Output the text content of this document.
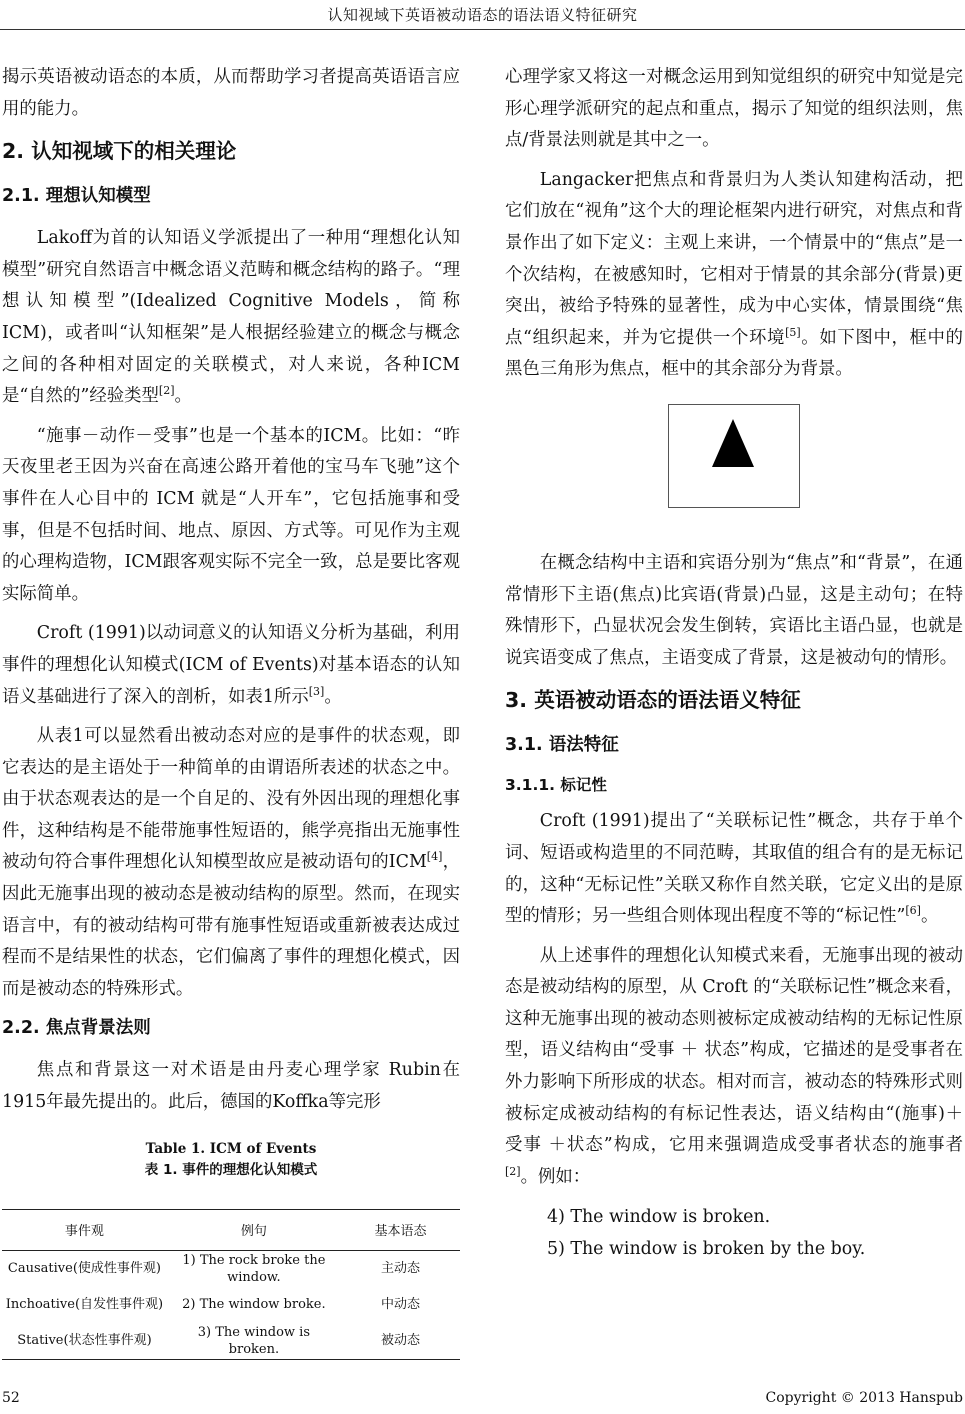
认知视域下英语被动语态的语法语义特征研究

揭示英语被动语态的本质，从而帮助学习者提高英语语言应用的能力。

2. 认知视域下的相关理论
2.1. 理想认知模型

Lakoff为首的认知语义学派提出了一种用“理想化认知模型”研究自然语言中概念语义范畴和概念结构的路子。“理想认知模型”(Idealized Cognitive Models，简称 ICM)，或者叫“认知框架”是人根据经验建立的概念与概念之间的各种相对固定的关联模式，对人来说，各种ICM是“自然的”经验类型[2]。

“施事－动作－受事”也是一个基本的ICM。比如：“昨天夜里老王因为兴奋在高速公路开着他的宝马车飞驰”这个事件在人心目中的 ICM 就是“人开车”，它包括施事和受事，但是不包括时间、地点、原因、方式等。可见作为主观的心理构造物，ICM跟客观实际不完全一致，总是要比客观实际简单。

Croft (1991)以动词意义的认知语义分析为基础，利用事件的理想化认知模式(ICM of Events)对基本语态的认知语义基础进行了深入的剖析，如表1所示[3]。

从表1可以显然看出被动态对应的是事件的状态观，即它表达的是主语处于一种简单的由谓语所表述的状态之中。由于状态观表达的是一个自足的、没有外因出现的理想化事件，这种结构是不能带施事性短语的，熊学亮指出无施事性被动句符合事件理想化认知模型故应是被动语句的ICM[4]，因此无施事出现的被动态是被动结构的原型。然而，在现实语言中，有的被动结构可带有施事性短语或重新被表达成过程而不是结果性的状态，它们偏离了事件的理想化模式，因而是被动态的特殊形式。

2.2. 焦点背景法则

焦点和背景这一对术语是由丹麦心理学家 Rubin在1915年最先提出的。此后，德国的Koffka等完形

Table 1. ICM of Events
表 1. 事件的理想化认知模式
事件观	例句	基本语态
Causative(使成性事件观)	1) The rock broke the window.	主动态
Inchoative(自发性事件观)	2) The window broke.	中动态
Stative(状态性事件观)	3) The window is broken.	被动态

心理学家又将这一对概念运用到知觉组织的研究中知觉是完形心理学派研究的起点和重点，揭示了知觉的组织法则，焦点/背景法则就是其中之一。

Langacker把焦点和背景归为人类认知建构活动，把它们放在“视角”这个大的理论框架内进行研究，对焦点和背景作出了如下定义：主观上来讲，一个情景中的“焦点”是一个次结构，在被感知时，它相对于情景的其余部分(背景)更突出，被给予特殊的显著性，成为中心实体，情景围绕“焦点“组织起来，并为它提供一个环境[5]。如下图中，框中的黑色三角形为焦点，框中的其余部分为背景。

在概念结构中主语和宾语分别为“焦点”和“背景”，在通常情形下主语(焦点)比宾语(背景)凸显，这是主动句；在特殊情形下，凸显状况会发生倒转，宾语比主语凸显，也就是说宾语变成了焦点，主语变成了背景，这是被动句的情形。

3. 英语被动语态的语法语义特征
3.1. 语法特征
3.1.1. 标记性

Croft (1991)提出了“关联标记性”概念，共存于单个词、短语或构造里的不同范畴，其取值的组合有的是无标记的，这种“无标记性”关联又称作自然关联，它定义出的是原型的情形；另一些组合则体现出程度不等的“标记性”[6]。

从上述事件的理想化认知模式来看，无施事出现的被动态是被动结构的原型，从 Croft 的“关联标记性”概念来看，这种无施事出现的被动态则被标定成被动结构的无标记性原型，语义结构由“受事 ＋ 状态”构成，它描述的是受事者在外力影响下所形成的状态。相对而言，被动态的特殊形式则被标定成被动结构的有标记性表达，语义结构由“(施事)＋ 受事 ＋状态”构成，它用来强调造成受事者状态的施事者[2]。例如：

4) The window is broken.

5) The window is broken by the boy.

52	Copyright © 2013 Hanspub
